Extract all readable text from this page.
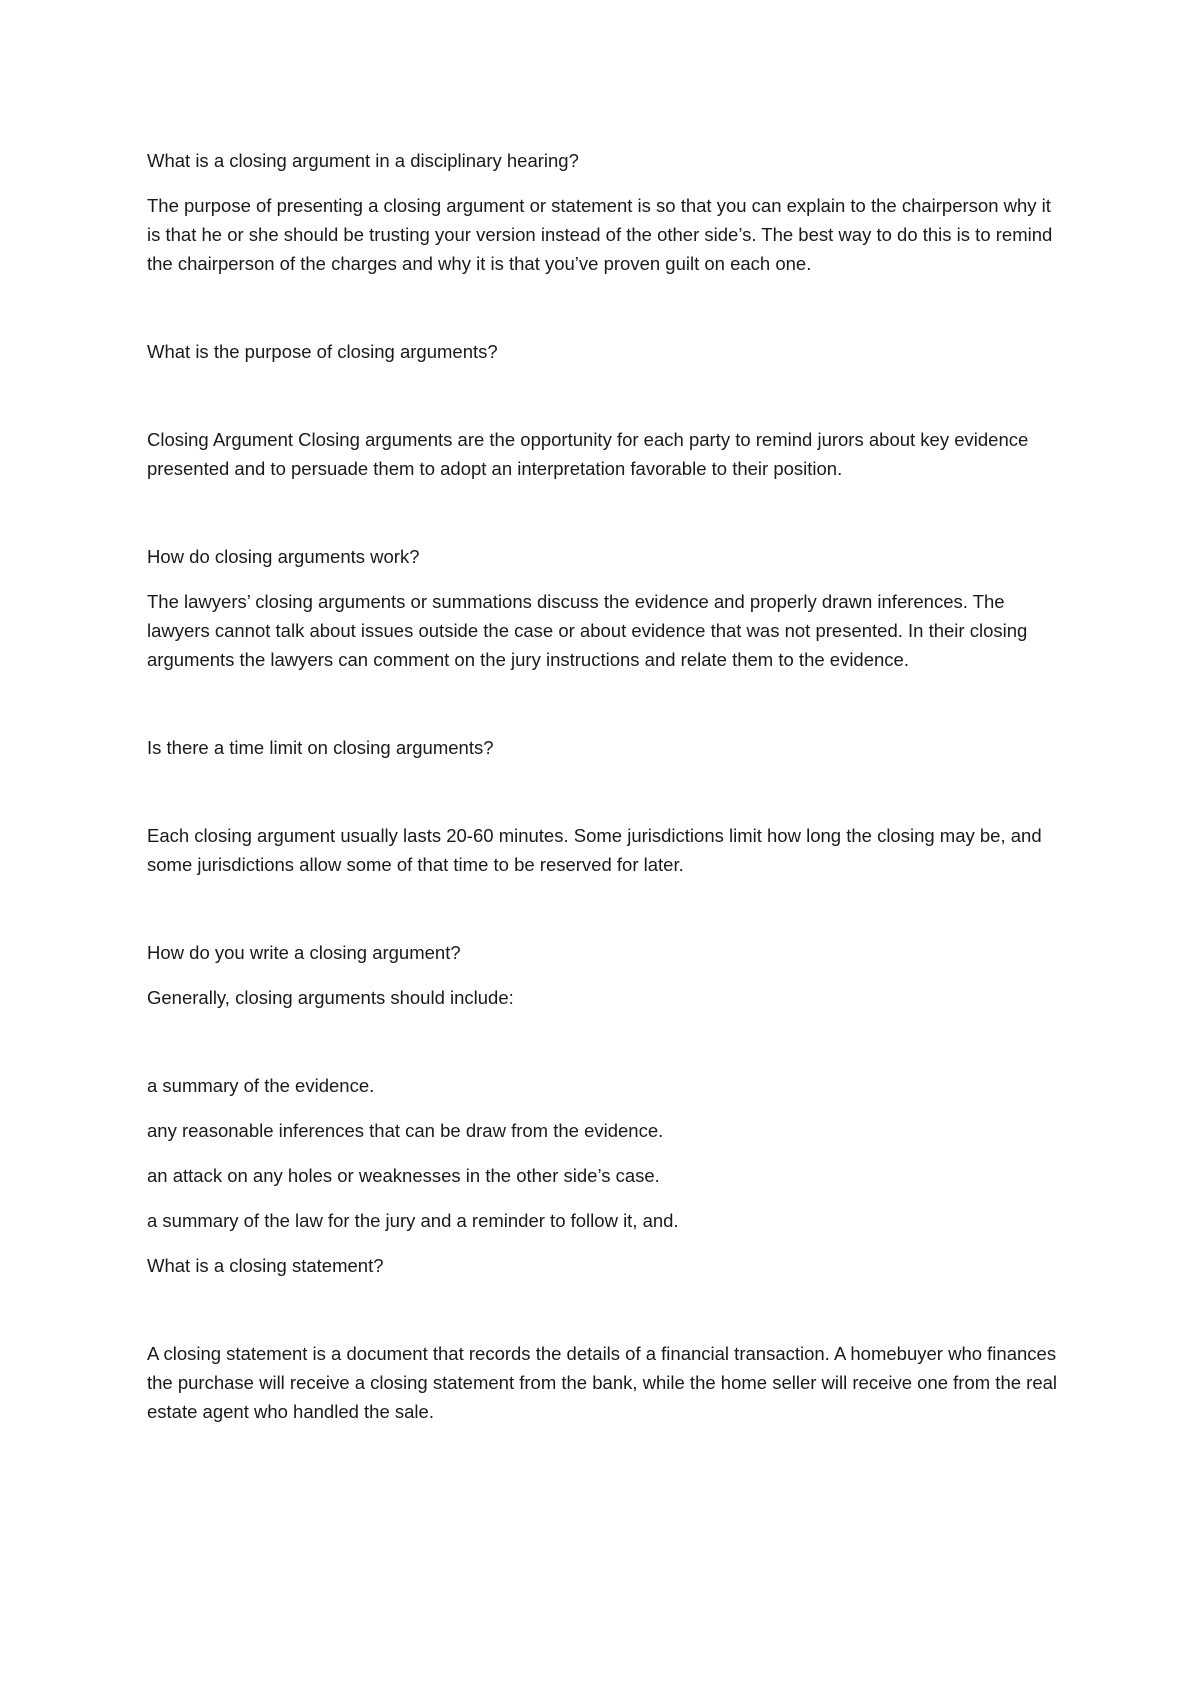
What is a closing argument in a disciplinary hearing?

The purpose of presenting a closing argument or statement is so that you can explain to the chairperson why it is that he or she should be trusting your version instead of the other side’s. The best way to do this is to remind the chairperson of the charges and why it is that you’ve proven guilt on each one.

What is the purpose of closing arguments?

Closing Argument Closing arguments are the opportunity for each party to remind jurors about key evidence presented and to persuade them to adopt an interpretation favorable to their position.

How do closing arguments work?

The lawyers’ closing arguments or summations discuss the evidence and properly drawn inferences. The lawyers cannot talk about issues outside the case or about evidence that was not presented. In their closing arguments the lawyers can comment on the jury instructions and relate them to the evidence.

Is there a time limit on closing arguments?

Each closing argument usually lasts 20-60 minutes. Some jurisdictions limit how long the closing may be, and some jurisdictions allow some of that time to be reserved for later.

How do you write a closing argument?

Generally, closing arguments should include:

a summary of the evidence.

any reasonable inferences that can be draw from the evidence.

an attack on any holes or weaknesses in the other side’s case.

a summary of the law for the jury and a reminder to follow it, and.

What is a closing statement?

A closing statement is a document that records the details of a financial transaction. A homebuyer who finances the purchase will receive a closing statement from the bank, while the home seller will receive one from the real estate agent who handled the sale.
